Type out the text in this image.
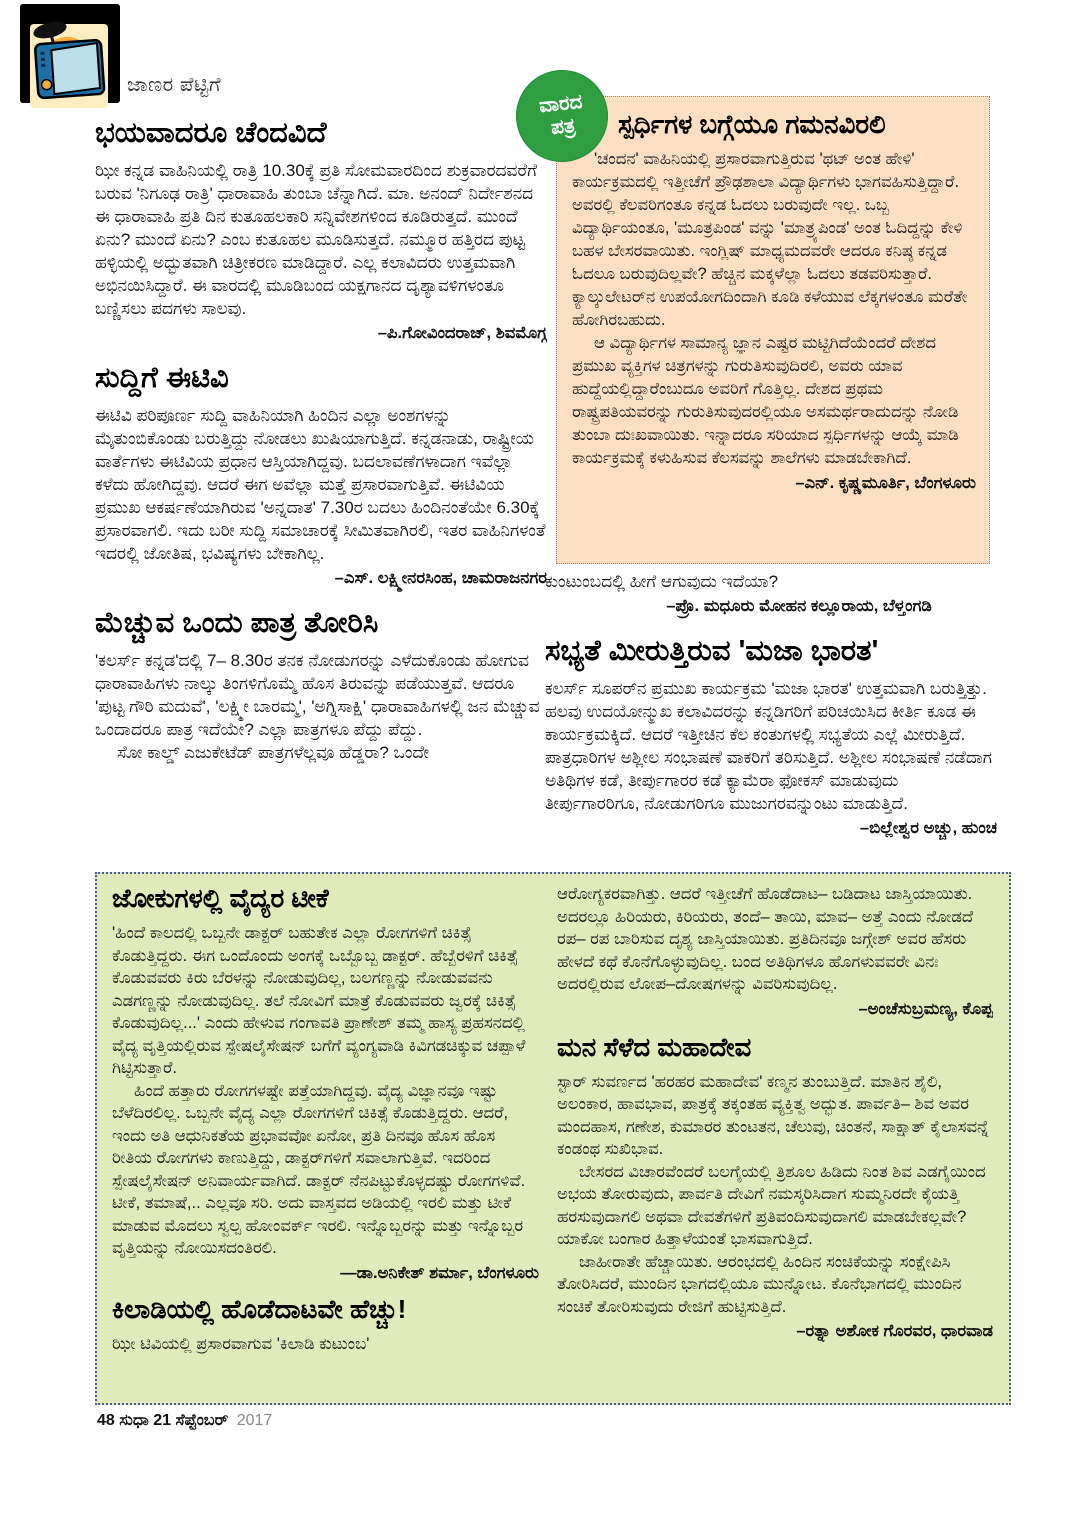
ಜಾಣರ ಪೆಟ್ಟಿಗೆ
ಭಯವಾದರೂ ಚೆಂದವಿದೆ

ಝೀ ಕನ್ನಡ ವಾಹಿನಿಯಲ್ಲಿ ರಾತ್ರಿ 10.30ಕ್ಕೆ ಪ್ರತಿ ಸೋಮವಾರದಿಂದ ಶುಕ್ರವಾರದವರೆಗೆ ಬರುವ 'ನಿಗೂಢ ರಾತ್ರಿ' ಧಾರಾವಾಹಿ ತುಂಬಾ ಚೆನ್ನಾಗಿದೆ. ಮಾ. ಅನಂದ್ ನಿರ್ದೇಶನದ ಈ ಧಾರಾವಾಹಿ ಪ್ರತಿ ದಿನ ಕುತೂಹಲಕಾರಿ ಸನ್ನಿವೇಶಗಳಿಂದ ಕೂಡಿರುತ್ತದೆ. ಮುಂದೆ ಏನು? ಮುಂದೆ ಏನು? ಎಂಬ ಕುತೂಹಲ ಮೂಡಿಸುತ್ತದೆ. ನಮ್ಮೂರ ಹತ್ತಿರದ ಪುಟ್ಟ ಹಳ್ಳಿಯಲ್ಲಿ ಅದ್ಭುತವಾಗಿ ಚಿತ್ರೀಕರಣ ಮಾಡಿದ್ದಾರೆ. ಎಲ್ಲ ಕಲಾವಿದರು ಉತ್ತಮವಾಗಿ ಅಭಿನಯಿಸಿದ್ದಾರೆ. ಈ ವಾರದಲ್ಲಿ ಮೂಡಿಬಂದ ಯಕ್ಷಗಾನದ ದೃಶ್ಯಾವಳಿಗಳಂತೂ ಬಣ್ಣಿಸಲು ಪದಗಳು ಸಾಲವು.

–ಪಿ.ಗೋವಿಂದರಾಜ್, ಶಿವಮೊಗ್ಗ

ಸುದ್ದಿಗೆ ಈಟಿವಿ

ಈಟಿವಿ ಪರಿಪೂರ್ಣ ಸುದ್ದಿ ವಾಹಿನಿಯಾಗಿ ಹಿಂದಿನ ಎಲ್ಲಾ ಅಂಶಗಳನ್ನು ಮೈತುಂಬಿಕೊಂಡು ಬರುತ್ತಿದ್ದು ನೋಡಲು ಖುಷಿಯಾಗುತ್ತಿದೆ. ಕನ್ನಡನಾಡು, ರಾಷ್ಟ್ರೀಯ ವಾರ್ತೆಗಳು ಈಟಿವಿಯ ಪ್ರಧಾನ ಆಸ್ತಿಯಾಗಿದ್ದವು. ಬದಲಾವಣೆಗಳಾದಾಗ ಇವೆಲ್ಲಾ ಕಳೆದು ಹೋಗಿದ್ದವು. ಆದರೆ ಈಗ ಅವೆಲ್ಲಾ ಮತ್ತೆ ಪ್ರಸಾರವಾಗುತ್ತಿವೆ. ಈಟಿವಿಯ ಪ್ರಮುಖ ಆಕರ್ಷಣೆಯಾಗಿರುವ 'ಅನ್ನದಾತ' 7.30ರ ಬದಲು ಹಿಂದಿನಂತೆಯೇ 6.30ಕ್ಕೆ ಪ್ರಸಾರವಾಗಲಿ. ಇದು ಬರೀ ಸುದ್ದಿ ಸಮಾಚಾರಕ್ಕೆ ಸೀಮಿತವಾಗಿರಲಿ, ಇತರ ವಾಹಿನಿಗಳಂತೆ ಇದರಲ್ಲಿ ಜೋತಿಷ, ಭವಿಷ್ಯಗಳು ಬೇಕಾಗಿಲ್ಲ.

–ಎಸ್. ಲಕ್ಷ್ಮೀನರಸಿಂಹ, ಚಾಮರಾಜನಗರ

ಮೆಚ್ಚುವ ಒಂದು ಪಾತ್ರ ತೋರಿಸಿ

'ಕಲರ್ಸ್ ಕನ್ನಡ'ದಲ್ಲಿ 7– 8.30ರ ತನಕ ನೋಡುಗರನ್ನು ಎಳೆದುಕೊಂಡು ಹೋಗುವ ಧಾರಾವಾಹಿಗಳು ನಾಲ್ಕು ತಿಂಗಳಿಗೊಮ್ಮೆ ಹೊಸ ತಿರುವನ್ನು ಪಡೆಯುತ್ತವೆ. ಆದರೂ 'ಪುಟ್ಟ ಗೌರಿ ಮದುವೆ', 'ಲಕ್ಷ್ಮೀ ಬಾರಮ್ಮ', 'ಅಗ್ನಿಸಾಕ್ಷಿ' ಧಾರಾವಾಹಿಗಳಲ್ಲಿ ಜನ ಮೆಚ್ಚುವ ಒಂದಾದರೂ ಪಾತ್ರ ಇದೆಯೇ? ಎಲ್ಲಾ ಪಾತ್ರಗಳೂ ಪೆದ್ದು ಪೆದ್ದು.

ಸೋ ಕಾಲ್ಡ್ ಎಜುಕೇಟೆಡ್ ಪಾತ್ರಗಳೆಲ್ಲವೂ ಹೆಡ್ಡರಾ? ಒಂದೇ

ವಾರದ
ಪತ್ರ ಸ್ಪರ್ಧಿಗಳ ಬಗ್ಗೆಯೂ ಗಮನವಿರಲಿ

'ಚಂದನ' ವಾಹಿನಿಯಲ್ಲಿ ಪ್ರಸಾರವಾಗುತ್ತಿರುವ 'ಥಟ್ ಅಂತ ಹೇಳಿ' ಕಾರ್ಯಕ್ರಮದಲ್ಲಿ ಇತ್ತೀಚೆಗೆ ಪ್ರೌಢಶಾಲಾ ವಿದ್ಯಾರ್ಥಿಗಳು ಭಾಗವಹಿಸುತ್ತಿದ್ದಾರೆ. ಅವರಲ್ಲಿ ಕೆಲವರಿಗಂತೂ ಕನ್ನಡ ಓದಲು ಬರುವುದೇ ಇಲ್ಲ. ಒಬ್ಬ ವಿದ್ಯಾರ್ಥಿಯಂತೂ, 'ಮೂತ್ರಪಿಂಡ' ವನ್ನು 'ಮಾತ್ರ್ಯಪಿಂಡ' ಅಂತ ಓದಿದ್ದನ್ನು ಕೇಳಿ ಬಹಳ ಬೇಸರವಾಯಿತು. ಇಂಗ್ಲಿಷ್ ಮಾಧ್ಯಮದವರೇ ಆದರೂ ಕನಿಷ್ಠ ಕನ್ನಡ ಓದಲೂ ಬರುವುದಿಲ್ಲವೇ? ಹೆಚ್ಚಿನ ಮಕ್ಕಳೆಲ್ಲಾ ಓದಲು ತಡವರಿಸುತ್ತಾರೆ. ಕ್ಯಾಲ್ಕುಲೇಟರ್‌ನ ಉಪಯೋಗದಿಂದಾಗಿ ಕೂಡಿ ಕಳೆಯುವ ಲೆಕ್ಕಗಳಂತೂ ಮರೆತೇ ಹೋಗಿರಬಹುದು.

ಆ ವಿದ್ಯಾರ್ಥಿಗಳ ಸಾಮಾನ್ಯ ಜ್ಞಾನ ಎಷ್ಟರ ಮಟ್ಟಿಗಿದೆಯೆಂದರೆ ದೇಶದ ಪ್ರಮುಖ ವ್ಯಕ್ತಿಗಳ ಚಿತ್ರಗಳನ್ನು ಗುರುತಿಸುವುದಿರಲಿ, ಅವರು ಯಾವ ಹುದ್ದೆಯಲ್ಲಿದ್ದಾರೆಂಬುದೂ ಅವರಿಗೆ ಗೊತ್ತಿಲ್ಲ. ದೇಶದ ಪ್ರಥಮ ರಾಷ್ಟ್ರಪತಿಯವರನ್ನು ಗುರುತಿಸುವುದರಲ್ಲಿಯೂ ಅಸಮರ್ಥರಾದುದನ್ನು ನೋಡಿ ತುಂಬಾ ದುಃಖವಾಯಿತು. ಇನ್ನಾದರೂ ಸರಿಯಾದ ಸ್ಪರ್ಧಿಗಳನ್ನು ಆಯ್ಕೆ ಮಾಡಿ ಕಾರ್ಯಕ್ರಮಕ್ಕೆ ಕಳುಹಿಸುವ ಕೆಲಸವನ್ನು ಶಾಲೆಗಳು ಮಾಡಬೇಕಾಗಿದೆ.

–ಎನ್. ಕೃಷ್ಣಮೂರ್ತಿ, ಬೆಂಗಳೂರು

ಕುಂಟುಂಬದಲ್ಲಿ ಹೀಗೆ ಆಗುವುದು ಇದೆಯಾ?

–ಪ್ರೊ. ಮಧೂರು ಮೋಹನ ಕಲ್ಲೂರಾಯ, ಬೆಳ್ತಂಗಡಿ

ಸಭ್ಯತೆ ಮೀರುತ್ತಿರುವ 'ಮಜಾ ಭಾರತ'

ಕಲರ್ಸ್ ಸೂಪರ್‌ನ ಪ್ರಮುಖ ಕಾರ್ಯಕ್ರಮ 'ಮಜಾ ಭಾರತ' ಉತ್ತಮವಾಗಿ ಬರುತ್ತಿತ್ತು. ಹಲವು ಉದಯೋನ್ಮುಖ ಕಲಾವಿದರನ್ನು ಕನ್ನಡಿಗರಿಗೆ ಪರಿಚಯಿಸಿದ ಕೀರ್ತಿ ಕೂಡ ಈ ಕಾರ್ಯಕ್ರಮಕ್ಕಿದೆ. ಆದರೆ ಇತ್ತೀಚಿನ ಕೆಲ ಕಂತುಗಳಲ್ಲಿ ಸಭ್ಯತೆಯ ಎಲ್ಲೆ ಮೀರುತ್ತಿದೆ. ಪಾತ್ರಧಾರಿಗಳ ಅಶ್ಲೀಲ ಸಂಭಾಷಣೆ ವಾಕರಿಗೆ ತರಿಸುತ್ತಿದೆ. ಅಶ್ಲೀಲ ಸಂಭಾಷಣೆ ನಡೆದಾಗ ಅತಿಥಿಗಳ ಕಡೆ, ತೀರ್ಪುಗಾರರ ಕಡೆ ಕ್ಯಾಮೆರಾ ಫೋಕಸ್ ಮಾಡುವುದು ತೀರ್ಪುಗಾರರಿಗೂ, ನೋಡುಗರಿಗೂ ಮುಜುಗರವನ್ನುಂಟು ಮಾಡುತ್ತಿದೆ.

–ಬಿಲ್ಲೇಶ್ವರ ಅಚ್ಚು, ಹುಂಚ

ಜೋಕುಗಳಲ್ಲಿ ವೈದ್ಯರ ಟೀಕೆ

'ಹಿಂದೆ ಕಾಲದಲ್ಲಿ ಒಬ್ಬನೇ ಡಾಕ್ಟರ್ ಬಹುತೇಕ ಎಲ್ಲಾ ರೋಗಗಳಿಗೆ ಚಿಕಿತ್ಸೆ ಕೊಡುತ್ತಿದ್ದರು. ಈಗ ಒಂದೊಂದು ಅಂಗಕ್ಕೆ ಒಬ್ಬೊಬ್ಬ ಡಾಕ್ಟರ್. ಹೆಬ್ಬೆರಳಿಗೆ ಚಿಕಿತ್ಸೆ ಕೊಡುವವರು ಕಿರು ಬೆರಳನ್ನು ನೋಡುವುದಿಲ್ಲ, ಬಲಗಣ್ಣನ್ನು ನೋಡುವವನು ಎಡಗಣ್ಣನ್ನು ನೋಡುವುದಿಲ್ಲ. ತಲೆ ನೋವಿಗೆ ಮಾತ್ರೆ ಕೊಡುವವರು ಜ್ವರಕ್ಕೆ ಚಿಕಿತ್ಸೆ ಕೊಡುವುದಿಲ್ಲ...' ಎಂದು ಹೇಳುವ ಗಂಗಾವತಿ ಪ್ರಾಣೇಶ್ ತಮ್ಮ ಹಾಸ್ಯ ಪ್ರಹಸನದಲ್ಲಿ ವೈದ್ಯ ವೃತ್ತಿಯಲ್ಲಿರುವ ಸ್ಪೇಷಲೈಸೇಷನ್ ಬಗೆಗೆ ವ್ಯಂಗ್ಯವಾಡಿ ಕಿವಿಗಡಚಿಕ್ಕುವ ಚಪ್ಪಾಳೆ ಗಿಟ್ಟಿಸುತ್ತಾರೆ.

ಹಿಂದೆ ಹತ್ತಾರು ರೋಗಗಳಷ್ಟೇ ಪತ್ತೆಯಾಗಿದ್ದವು. ವೈದ್ಯ ವಿಜ್ಞಾನವೂ ಇಷ್ಟು ಬೆಳೆದಿರಲಿಲ್ಲ. ಒಬ್ಬನೇ ವೈದ್ಯ ಎಲ್ಲಾ ರೋಗಗಳಿಗೆ ಚಿಕಿತ್ಸೆ ಕೊಡುತ್ತಿದ್ದರು. ಆದರೆ, ಇಂದು ಅತಿ ಆಧುನಿಕತೆಯ ಪ್ರಭಾವವೋ ಏನೋ, ಪ್ರತಿ ದಿನವೂ ಹೊಸ ಹೊಸ ರೀತಿಯ ರೋಗಗಳು ಕಾಣುತ್ತಿದ್ದು, ಡಾಕ್ಟರ್‌ಗಳಿಗೆ ಸವಾಲಾಗುತ್ತಿವೆ. ಇದರಿಂದ ಸ್ಪೇಷಲೈಸೇಷನ್ ಅನಿವಾರ್ಯವಾಗಿದೆ. ಡಾಕ್ಟರ್ ನೆನಪಿಟ್ಟುಕೊಳ್ಳದಷ್ಟು ರೋಗಗಳಿವೆ. ಟೀಕೆ, ತಮಾಷೆ,.. ಎಲ್ಲವೂ ಸರಿ. ಅದು ವಾಸ್ತವದ ಅಡಿಯಲ್ಲಿ ಇರಲಿ ಮತ್ತು ಟೀಕೆ ಮಾಡುವ ಮೊದಲು ಸ್ವಲ್ಪ ಹೋಂವರ್ಕ್ ಇರಲಿ. ಇನ್ನೊಬ್ಬರನ್ನು ಮತ್ತು ಇನ್ನೊಬ್ಬರ ವೃತ್ತಿಯನ್ನು ನೋಯಿಸದಂತಿರಲಿ.

—ಡಾ.ಅನಿಕೇತ್ ಶರ್ಮಾ, ಬೆಂಗಳೂರು

ಕಿಲಾಡಿಯಲ್ಲಿ ಹೊಡೆದಾಟವೇ ಹೆಚ್ಚು!

ಝೀ ಟಿವಿಯಲ್ಲಿ ಪ್ರಸಾರವಾಗುವ 'ಕಿಲಾಡಿ ಕುಟುಂಬ'

ಆರೋಗ್ಯಕರವಾಗಿತ್ತು. ಆದರೆ ಇತ್ತೀಚೆಗೆ ಹೊಡೆದಾಟ– ಬಡಿದಾಟ ಜಾಸ್ತಿಯಾಯಿತು. ಅದರಲ್ಲೂ ಹಿರಿಯರು, ಕಿರಿಯರು, ತಂದೆ– ತಾಯಿ, ಮಾವ– ಅತ್ತೆ ಎಂದು ನೋಡದೆ ರಪ– ರಪ ಬಾರಿಸುವ ದೃಶ್ಯ ಜಾಸ್ತಿಯಾಯಿತು. ಪ್ರತಿದಿನವೂ ಜಗ್ಗೇಶ್ ಅವರ ಹೆಸರು ಹೇಳದೆ ಕಥೆ ಕೊನೆಗೊಳ್ಳುವುದಿಲ್ಲ. ಬಂದ ಅತಿಥಿಗಳೂ ಹೊಗಳುವವರೇ ವಿನಃ ಅದರಲ್ಲಿರುವ ಲೋಪ–ದೋಷಗಳನ್ನು ವಿವರಿಸುವುದಿಲ್ಲ.

–ಅಂಚೆಸುಬ್ರಮಣ್ಯ, ಕೊಪ್ಪ

ಮನ ಸೆಳೆದ ಮಹಾದೇವ

ಸ್ಟಾರ್ ಸುವರ್ಣದ 'ಹರಹರ ಮಹಾದೇವ' ಕಣ್ಮನ ತುಂಬುತ್ತಿದೆ. ಮಾತಿನ ಶೈಲಿ, ಅಲಂಕಾರ, ಹಾವಭಾವ, ಪಾತ್ರಕ್ಕೆ ತಕ್ಕಂತಹ ವ್ಯಕ್ತಿತ್ವ ಅದ್ಭುತ. ಪಾರ್ವತಿ– ಶಿವ ಅವರ ಮಂದಹಾಸ, ಗಣೇಶ, ಕುಮಾರರ ತುಂಟತನ, ಚೆಲುವು, ಚಿಂತನೆ, ಸಾಕ್ಷಾತ್ ಕೈಲಾಸವನ್ನೆ ಕಂಡಂಥ ಸುಖಿಭಾವ.

ಬೇಸರದ ವಿಚಾರವೆಂದರೆ ಬಲಗೈಯಲ್ಲಿ ತ್ರಿಶೂಲ ಹಿಡಿದು ನಿಂತ ಶಿವ ಎಡಗೈಯಿಂದ ಅಭಯ ತೋರುವುದು, ಪಾರ್ವತಿ ದೇವಿಗೆ ನಮಸ್ಕರಿಸಿದಾಗ ಸುಮ್ಮನಿರದೇ ಕೈಯತ್ತಿ ಹರಸುವುದಾಗಲಿ ಅಥವಾ ದೇವತೆಗಳಿಗೆ ಪ್ರತಿವಂದಿಸುವುದಾಗಲಿ ಮಾಡಬೇಕಲ್ಲವೇ? ಯಾಕೋ ಬಂಗಾರ ಹಿತ್ತಾಳೆಯಂತೆ ಭಾಸವಾಗುತ್ತಿದೆ.

ಜಾಹೀರಾತೇ ಹೆಚ್ಚಾಯಿತು. ಆರಂಭದಲ್ಲಿ ಹಿಂದಿನ ಸಂಚಿಕೆಯನ್ನು ಸಂಕ್ಷೇಪಿಸಿ ತೋರಿಸಿದರೆ, ಮುಂದಿನ ಭಾಗದಲ್ಲಿಯೂ ಮುನ್ನೋಟ. ಕೊನೆಭಾಗದಲ್ಲಿ ಮುಂದಿನ ಸಂಚಿಕೆ ತೋರಿಸುವುದು ರೇಜಿಗೆ ಹುಟ್ಟಿಸುತ್ತಿದೆ.

–ರತ್ನಾ ಅಶೋಕ ಗೊರವರ, ಧಾರವಾಡ

48 ಸುಧಾ 21 ಸೆಪ್ಟೆಂಬರ್ 2017
